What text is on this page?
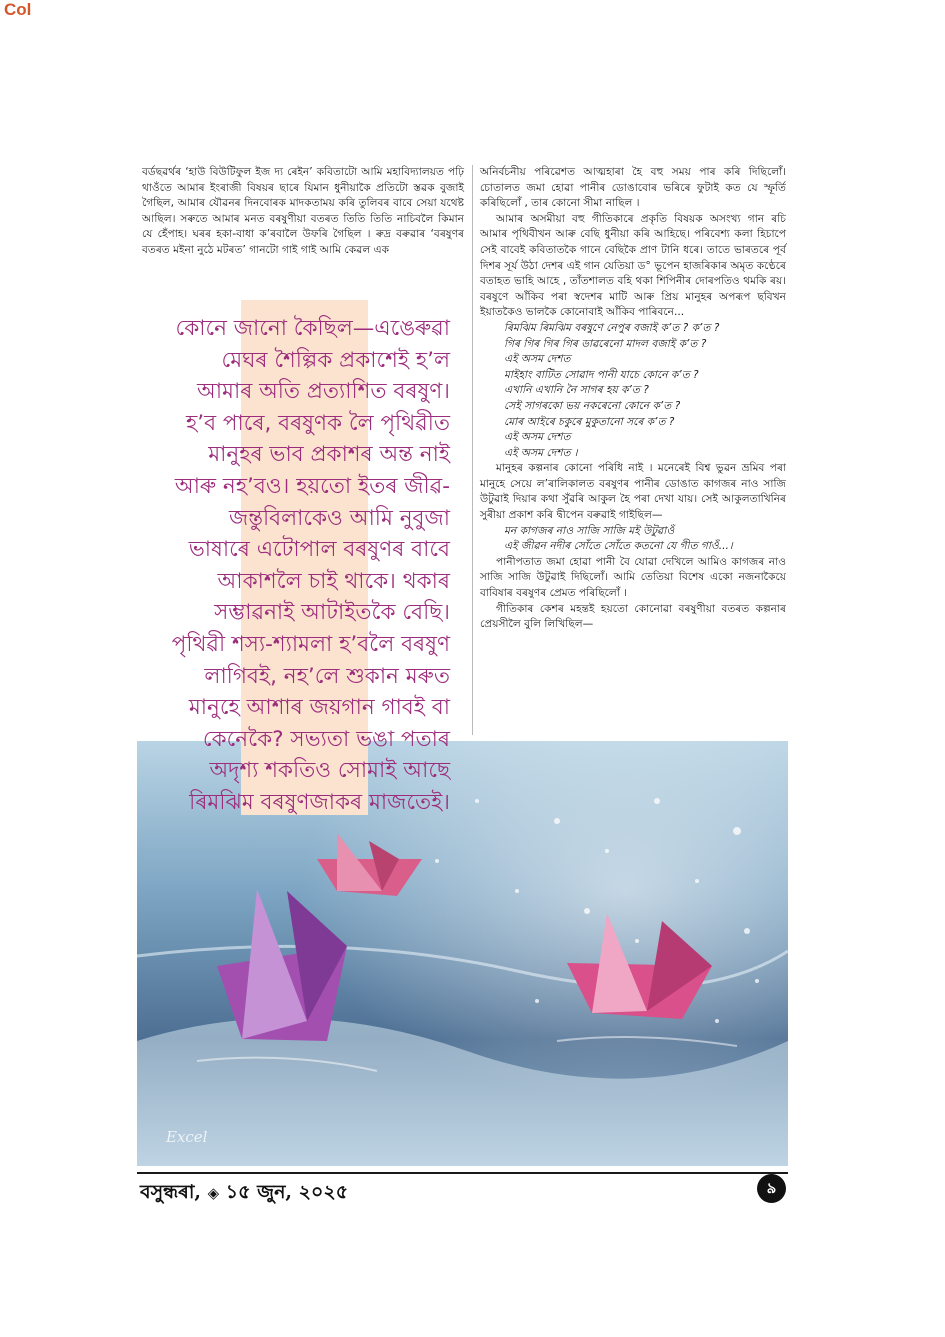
Col

বৰ্ডছৱৰ্থৰ ‘হাউ বিউটিফুল ইজ দ্য ৰেইন’ কবিতাটো আমি মহাবিদ্যালয়ত পঢ়ি থাওঁতে আমাৰ ইংৰাজী বিষয়ৰ ছাৰে যিমান ধুনীয়াকৈ প্ৰতিটো স্তৱক বুজাই গৈছিল, আমাৰ যৌৱনৰ দিনবোৰক মাদকতাময় কৰি তুলিবৰ বাবে সেয়া যথেষ্ট আছিল। সৰুতে আমাৰ মনত বৰষুণীয়া বতৰত তিতি তিতি নাচিবলৈ কিমান যে হেঁপাহ। ঘৰৰ হকা-বাধা ক’ৰবালৈ উফৰি গৈছিল । ৰুদ্ৰ বৰুৱাৰ ‘বৰষুণৰ বতৰত মইনা নুঠে মটৰত’ গানটো গাই গাই আমি কেৱল এক

অনিৰ্বচনীয় পৰিৱেশত আত্মহাৰা হৈ বহু সময় পাৰ কৰি দিছিলোঁ। চোতালত জমা হোৱা পানীৰ ডোঙাবোৰ ভৰিৰে ফুটাই কত যে স্ফূৰ্তি কৰিছিলোঁ , তাৰ কোনো সীমা নাছিল ।

আমাৰ অসমীয়া বহু গীতিকাৰে প্ৰকৃতি বিষয়ক অসংখ্য গান ৰচি আমাৰ পৃথিবীখন আৰু বেছি ধুনীয়া কৰি আহিছে। পৰিবেশ্য কলা হিচাপে সেই বাবেই কবিতাতকৈ গানে বেছিকৈ প্ৰাণ টানি ধৰে। তাতে ভাৰতৰে পূৰ্ব দিশৰ সূৰ্য উঠা দেশৰ এই গান যেতিয়া ড° ভূপেন হাজৰিকাৰ অমৃত কণ্ঠেৰে বতাহত ভাহি আহে , তাঁতশালত বহি থকা শিপিনীৰ দোৰপতিও থমকি ৰয়। বৰষুণে আঁকিব পৰা স্বদেশৰ মাটি আৰু প্ৰিয় মানুহৰ অপৰূপ ছবিখন ইয়াতকৈও ভালকৈ কোনোবাই আঁকিব পাৰিবনে...

ৰিমঝিম ৰিমঝিম বৰষুণে নেপুৰ বজাই ক’ত ? ক’ত ?
গিৰ গিৰ গিৰ গিৰ ডাৱৰেনো মাদল বজাই ক’ত ?
এই অসম দেশত
মাইহাং বাটিত সোৱাদ পানী যাচে কোনে ক’ত ?
এখানি এখানি নৈ সাগৰ হয় ক’ত ?
সেই সাগৰকো ভয় নকৰেনো কোনে ক’ত ?
মোৰ আইৰে চকুৰে মুকুতানো সৰে ক’ত ?
এই অসম দেশত
এই অসম দেশত ।

মানুহৰ কল্পনাৰ কোনো পৰিধি নাই । মনেৰেই বিশ্ব ভুৱন ভ্ৰমিব পৰা মানুহে সেয়ে ল’ৰালিকালত বৰষুণৰ পানীৰ ডোঙাত কাগজৰ নাও সাজি উটুৱাই দিয়াৰ কথা সুঁৱৰি আকুল হৈ পৰা দেখা যায়। সেই আকুলতাখিনিৰ সুৰীয়া প্ৰকাশ কৰি দ্বীপেন বৰুৱাই গাইছিল—

মন কাগজৰ নাও সাজি সাজি মই উটুৱাওঁ
এই জীৱন নদীৰ সোঁতে সোঁতে কতনো যে গীত গাওঁ...।

পানীপতাত জমা হোৱা পানী বৈ যোৱা দেখিলে আমিও কাগজৰ নাও সাজি সাজি উটুৱাই দিছিলোঁ। আমি তেতিয়া বিশেষ একো নজনাকৈয়ে বাবিষাৰ বৰষুণৰ প্ৰেমত পৰিছিলোঁ ।

গীতিকাৰ কেশৰ মহন্তই হয়তো কোনোৱা বৰষুণীয়া বতৰত কল্পনাৰ প্ৰেয়সীলৈ বুলি লিখিছিল—

কোনে জানো কৈছিল—এঙেৰুৱা
মেঘৰ শৈল্পিক প্ৰকাশেই হ’ল
আমাৰ অতি প্ৰত্যাশিত বৰষুণ।
হ’ব পাৰে, বৰষুণক লৈ পৃথিৱীত
মানুহৰ ভাব প্ৰকাশৰ অন্ত নাই
আৰু নহ’বও। হয়তো ইতৰ জীৱ-
জন্তুবিলাকেও আমি নুবুজা
ভাষাৰে এটোপাল বৰষুণৰ বাবে
আকাশলৈ চাই থাকে। থকাৰ
সম্ভাৱনাই আটাইতকৈ বেছি।
পৃথিৱী শস্য-শ্যামলা হ’বলৈ বৰষুণ
লাগিবই, নহ’লে শুকান মৰুত
মানুহে আশাৰ জয়গান গাবই বা
কেনেকৈ? সভ্যতা ভঙা পতাৰ
অদৃশ্য শকতিও সোমাই আছে
ৰিমঝিম বৰষুণজাকৰ মাজতেই।
Excel
বসুন্ধৰা, ◈ ১৫ জুন, ২০২৫	৯
